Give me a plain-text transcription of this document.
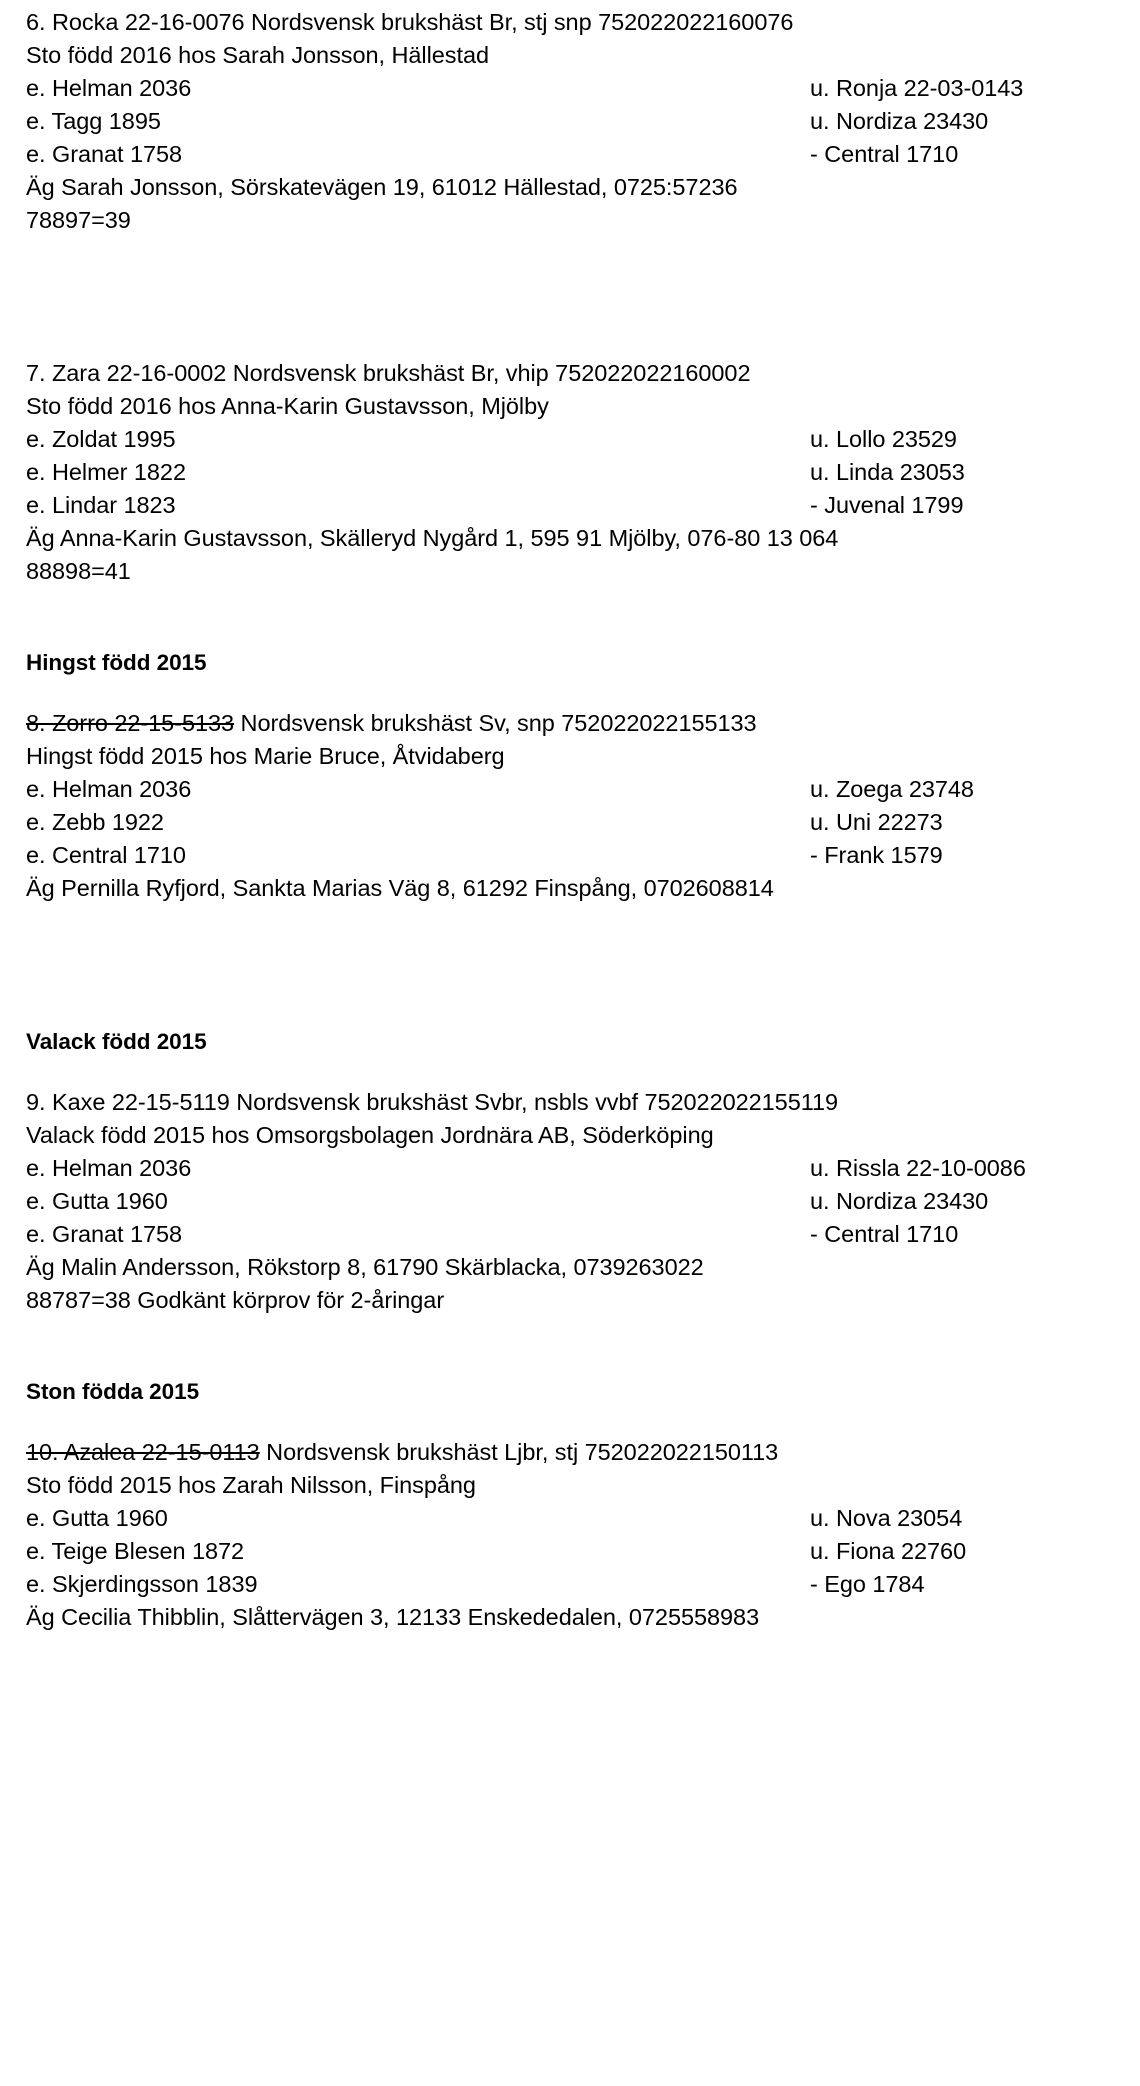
6. Rocka 22-16-0076 Nordsvensk brukshäst Br, stj snp 752022022160076
Sto född 2016 hos Sarah Jonsson, Hällestad
e. Helman 2036	u. Ronja 22-03-0143
e. Tagg 1895	u. Nordiza 23430
e. Granat 1758	- Central 1710
Äg Sarah Jonsson, Sörskatevägen 19, 61012 Hällestad, 0725:57236
78897=39
7. Zara 22-16-0002 Nordsvensk brukshäst Br, vhip 752022022160002
Sto född 2016 hos Anna-Karin Gustavsson, Mjölby
e. Zoldat 1995	u. Lollo 23529
e. Helmer 1822	u. Linda 23053
e. Lindar 1823	- Juvenal 1799
Äg Anna-Karin Gustavsson, Skälleryd Nygård 1, 595 91 Mjölby, 076-80 13 064
88898=41
Hingst född 2015
8. Zorro 22-15-5133 Nordsvensk brukshäst Sv, snp 752022022155133
Hingst född 2015 hos Marie Bruce, Åtvidaberg
e. Helman 2036	u. Zoega 23748
e. Zebb 1922	u. Uni 22273
e. Central 1710	- Frank 1579
Äg Pernilla Ryfjord, Sankta Marias Väg 8, 61292 Finspång, 0702608814
Valack född 2015
9. Kaxe 22-15-5119 Nordsvensk brukshäst Svbr, nsbls vvbf 752022022155119
Valack född 2015 hos Omsorgsbolagen Jordnära AB, Söderköping
e. Helman 2036	u. Rissla 22-10-0086
e. Gutta 1960	u. Nordiza 23430
e. Granat 1758	- Central 1710
Äg Malin Andersson, Rökstorp 8, 61790 Skärblacka, 0739263022
88787=38 Godkänt körprov för 2-åringar
Ston födda 2015
10. Azalea 22-15-0113 Nordsvensk brukshäst Ljbr, stj 752022022150113
Sto född 2015 hos Zarah Nilsson, Finspång
e. Gutta 1960	u. Nova 23054
e. Teige Blesen 1872	u. Fiona 22760
e. Skjerdingsson 1839	- Ego 1784
Äg Cecilia Thibblin, Slåttervägen 3, 12133 Enskededalen, 0725558983
